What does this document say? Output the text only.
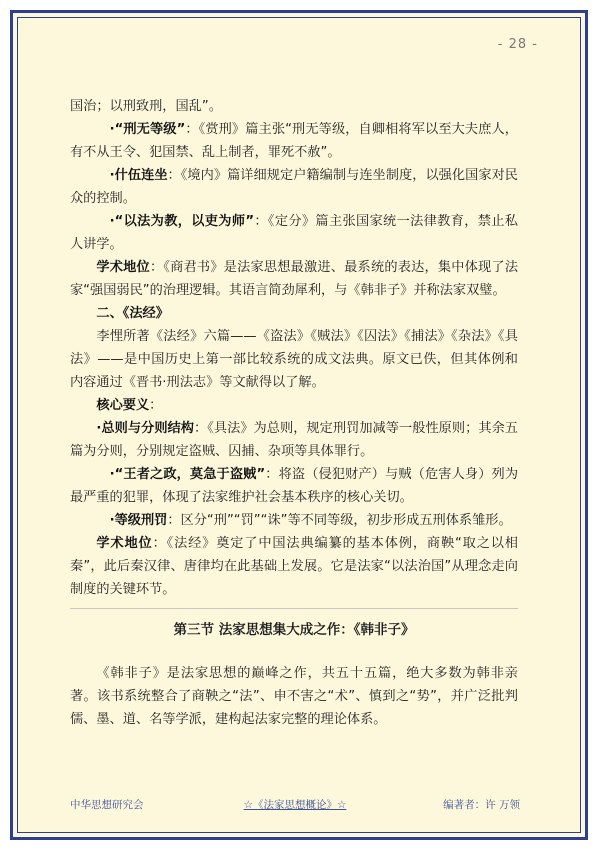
- 28 -

国治；以刑致刑，国乱”。

·“刑无等级”：《赏刑》篇主张“刑无等级，自卿相将军以至大夫庶人，有不从王令、犯国禁、乱上制者，罪死不赦”。

·什伍连坐：《境内》篇详细规定户籍编制与连坐制度，以强化国家对民众的控制。

·“以法为教，以吏为师”：《定分》篇主张国家统一法律教育，禁止私人讲学。

学术地位：《商君书》是法家思想最激进、最系统的表达，集中体现了法家“强国弱民”的治理逻辑。其语言简劲犀利，与《韩非子》并称法家双璧。

二、《法经》

李悝所著《法经》六篇——《盗法》《贼法》《囚法》《捕法》《杂法》《具法》——是中国历史上第一部比较系统的成文法典。原文已佚，但其体例和内容通过《晋书·刑法志》等文献得以了解。

核心要义：

·总则与分则结构：《具法》为总则，规定刑罚加减等一般性原则；其余五篇为分则，分别规定盗贼、囚捕、杂项等具体罪行。

·“王者之政，莫急于盗贼”：将盗（侵犯财产）与贼（危害人身）列为最严重的犯罪，体现了法家维护社会基本秩序的核心关切。

·等级刑罚：区分“刑”“罚”“诛”等不同等级，初步形成五刑体系雏形。

学术地位：《法经》奠定了中国法典编纂的基本体例，商鞅“取之以相秦”，此后秦汉律、唐律均在此基础上发展。它是法家“以法治国”从理念走向制度的关键环节。

第三节 法家思想集大成之作：《韩非子》

《韩非子》是法家思想的巅峰之作，共五十五篇，绝大多数为韩非亲著。该书系统整合了商鞅之“法”、申不害之“术”、慎到之“势”，并广泛批判儒、墨、道、名等学派，建构起法家完整的理论体系。

中华思想研究会	☆《法家思想概论》☆	编著者：许 万领
